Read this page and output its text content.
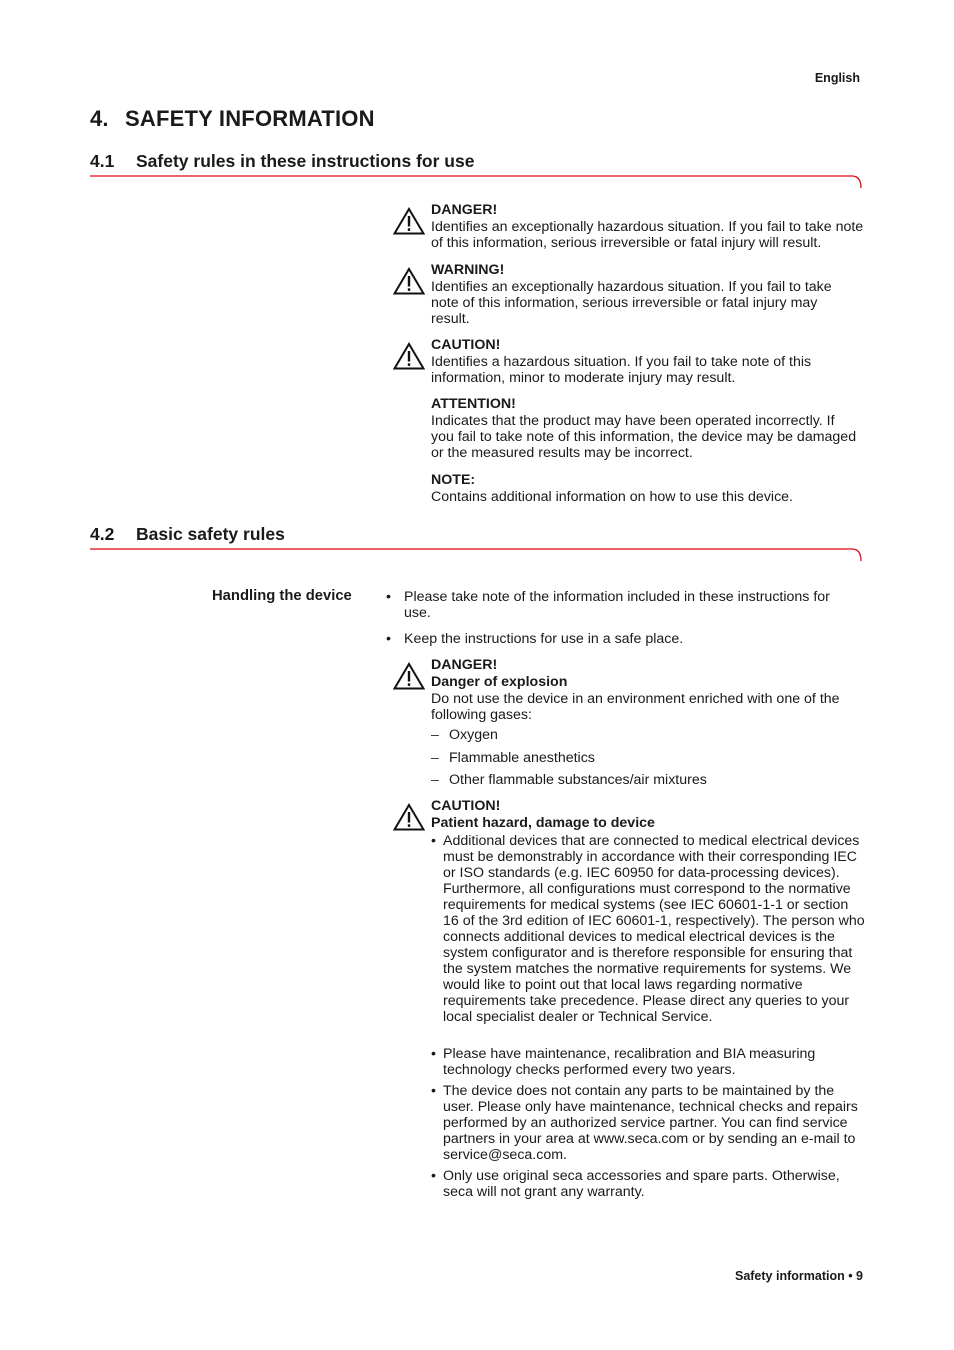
English
4. SAFETY INFORMATION
4.1 Safety rules in these instructions for use
DANGER!
Identifies an exceptionally hazardous situation. If you fail to take note of this information, serious irreversible or fatal injury will result.
WARNING!
Identifies an exceptionally hazardous situation. If you fail to take note of this information, serious irreversible or fatal injury may result.
CAUTION!
Identifies a hazardous situation. If you fail to take note of this information, minor to moderate injury may result.
ATTENTION!
Indicates that the product may have been operated incorrectly. If you fail to take note of this information, the device may be damaged or the measured results may be incorrect.
NOTE:
Contains additional information on how to use this device.
4.2 Basic safety rules
Handling the device • Please take note of the information included in these instructions for use.
• Keep the instructions for use in a safe place.
DANGER!
Danger of explosion
Do not use the device in an environment enriched with one of the following gases:
– Oxygen
– Flammable anesthetics
– Other flammable substances/air mixtures
CAUTION!
Patient hazard, damage to device
• Additional devices that are connected to medical electrical devices must be demonstrably in accordance with their corresponding IEC or ISO standards (e.g. IEC 60950 for data-processing devices). Furthermore, all configurations must correspond to the normative requirements for medical systems (see IEC 60601-1-1 or section 16 of the 3rd edition of IEC 60601-1, respectively). The person who connects additional devices to medical electrical devices is the system configurator and is therefore responsible for ensuring that the system matches the normative requirements for systems. We would like to point out that local laws regarding normative requirements take precedence. Please direct any queries to your local specialist dealer or Technical Service.
• Please have maintenance, recalibration and BIA measuring technology checks performed every two years.
• The device does not contain any parts to be maintained by the user. Please only have maintenance, technical checks and repairs performed by an authorized service partner. You can find service partners in your area at www.seca.com or by sending an e-mail to service@seca.com.
• Only use original seca accessories and spare parts. Otherwise, seca will not grant any warranty.
Safety information • 9
